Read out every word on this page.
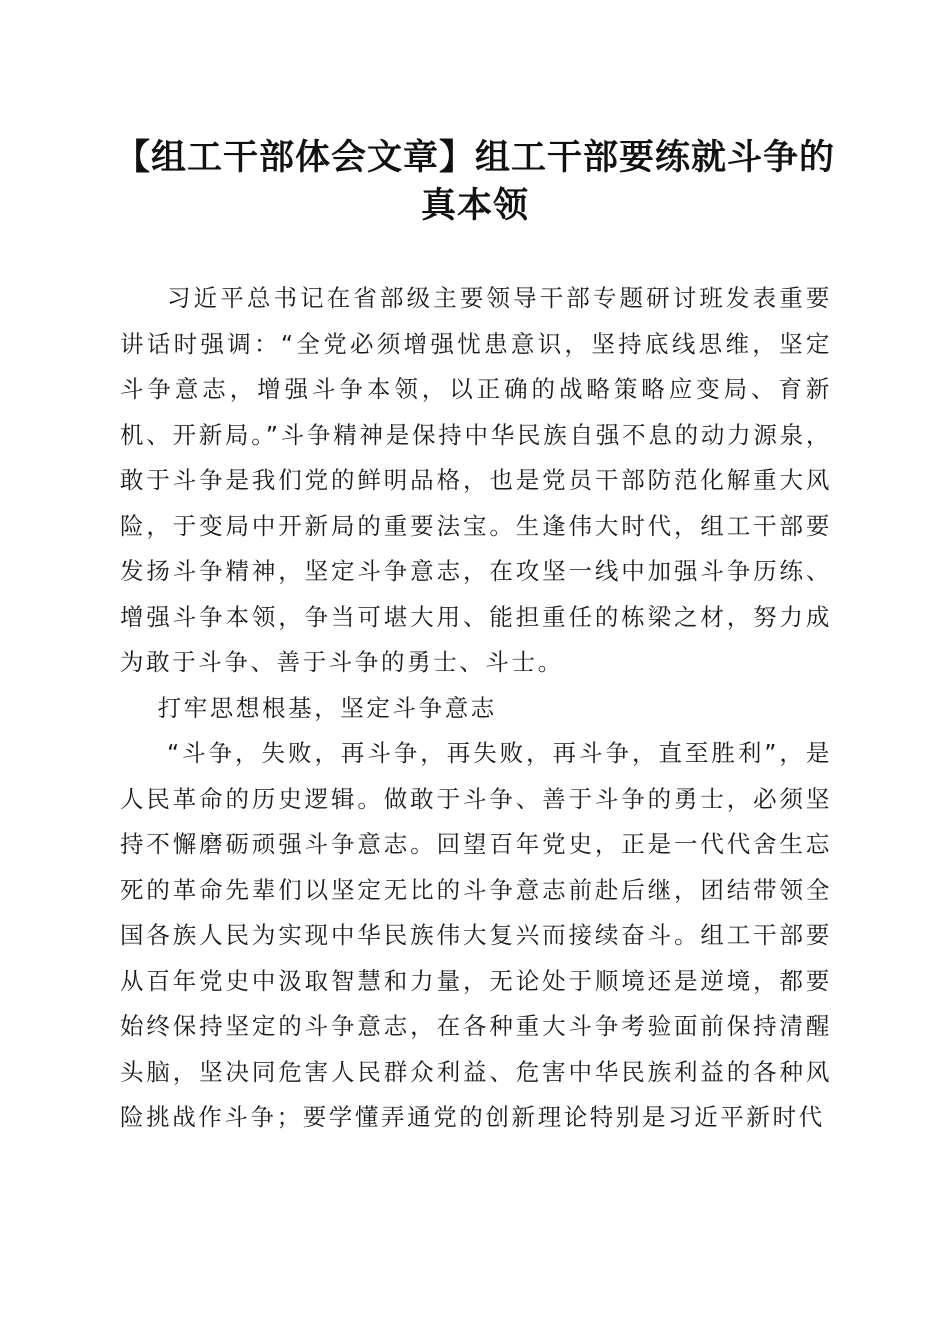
【组工干部体会文章】组工干部要练就斗争的真本领

习近平总书记在省部级主要领导干部专题研讨班发表重要讲话时强调：“全党必须增强忧患意识，坚持底线思维，坚定斗争意志，增强斗争本领，以正确的战略策略应变局、育新机、开新局。”斗争精神是保持中华民族自强不息的动力源泉，敢于斗争是我们党的鲜明品格，也是党员干部防范化解重大风险，于变局中开新局的重要法宝。生逢伟大时代，组工干部要发扬斗争精神，坚定斗争意志，在攻坚一线中加强斗争历练、增强斗争本领，争当可堪大用、能担重任的栋梁之材，努力成为敢于斗争、善于斗争的勇士、斗士。

打牢思想根基，坚定斗争意志

“斗争，失败，再斗争，再失败，再斗争，直至胜利”，是人民革命的历史逻辑。做敢于斗争、善于斗争的勇士，必须坚持不懈磨砺顽强斗争意志。回望百年党史，正是一代代舍生忘死的革命先辈们以坚定无比的斗争意志前赴后继，团结带领全国各族人民为实现中华民族伟大复兴而接续奋斗。组工干部要从百年党史中汲取智慧和力量，无论处于顺境还是逆境，都要始终保持坚定的斗争意志，在各种重大斗争考验面前保持清醒头脑，坚决同危害人民群众利益、危害中华民族利益的各种风险挑战作斗争；要学懂弄通党的创新理论特别是习近平新时代
